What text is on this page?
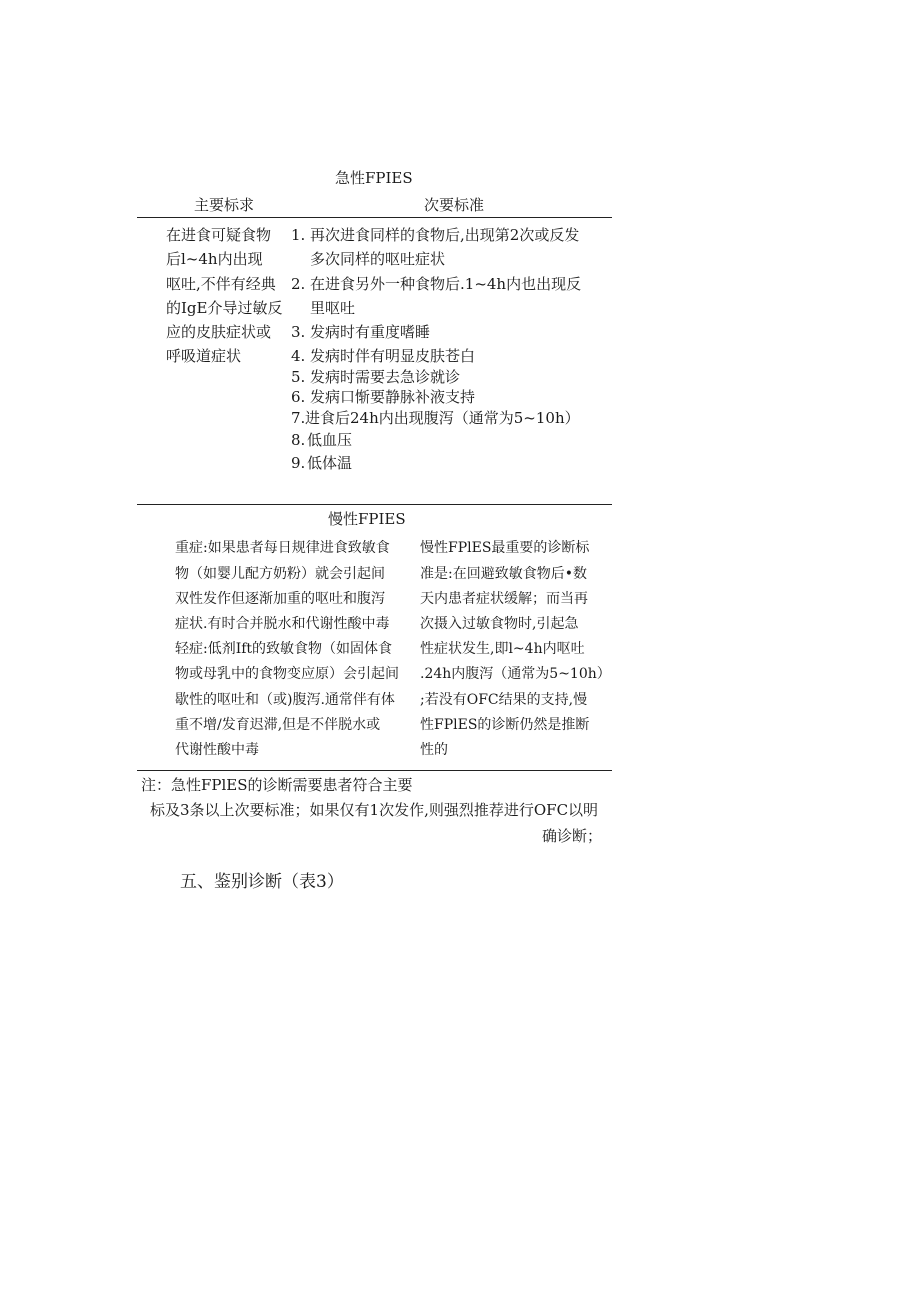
急性FPIES
主要标求	次要标准
在进食可疑食物
后l~4h内出现
呕吐,不伴有经典
的IgE介导过敏反
应的皮肤症状或
呼吸道症状
1. 再次进食同样的食物后,出现第2次或反发
多次同样的呕吐症状
2. 在进食另外一种食物后.1~4h内也出现反
里呕吐
3. 发病时有重度嗜睡
4. 发病时伴有明显皮肤苍白
5. 发病时需要去急诊就诊
6. 发病口惭要静脉补液支持
7. 进食后24h内出现腹泻（通常为5~10h）
8. 低血压
9. 低体温
慢性FPIES
重症:如果患者每日规律进食致敏食
物（如婴儿配方奶粉）就会引起间
双性发作但逐渐加重的呕吐和腹泻
症状.有时合并脱水和代谢性酸中毒
轻症:低剂Ift的致敏食物（如固体食
物或母乳中的食物变应原）会引起间
歇性的呕吐和（或)腹泻.通常伴有体
重不增/发育迟滞,但是不伴脱水或
代谢性酸中毒
慢性FPlES最重要的诊断标
准是:在回避致敏食物后•数
天内患者症状缓解；而当再
次摄入过敏食物时,引起急
性症状发生,即l~4h内呕吐
.24h内腹泻（通常为5~10h）
;若没有OFC结果的支持,慢
性FPlES的诊断仍然是推断
性的
注：急性FPlES的诊断需要患者符合主要
标及3条以上次要标准；如果仅有1次发作,则强烈推荐进行OFC以明
确诊断；
五、鉴别诊断（表3）
